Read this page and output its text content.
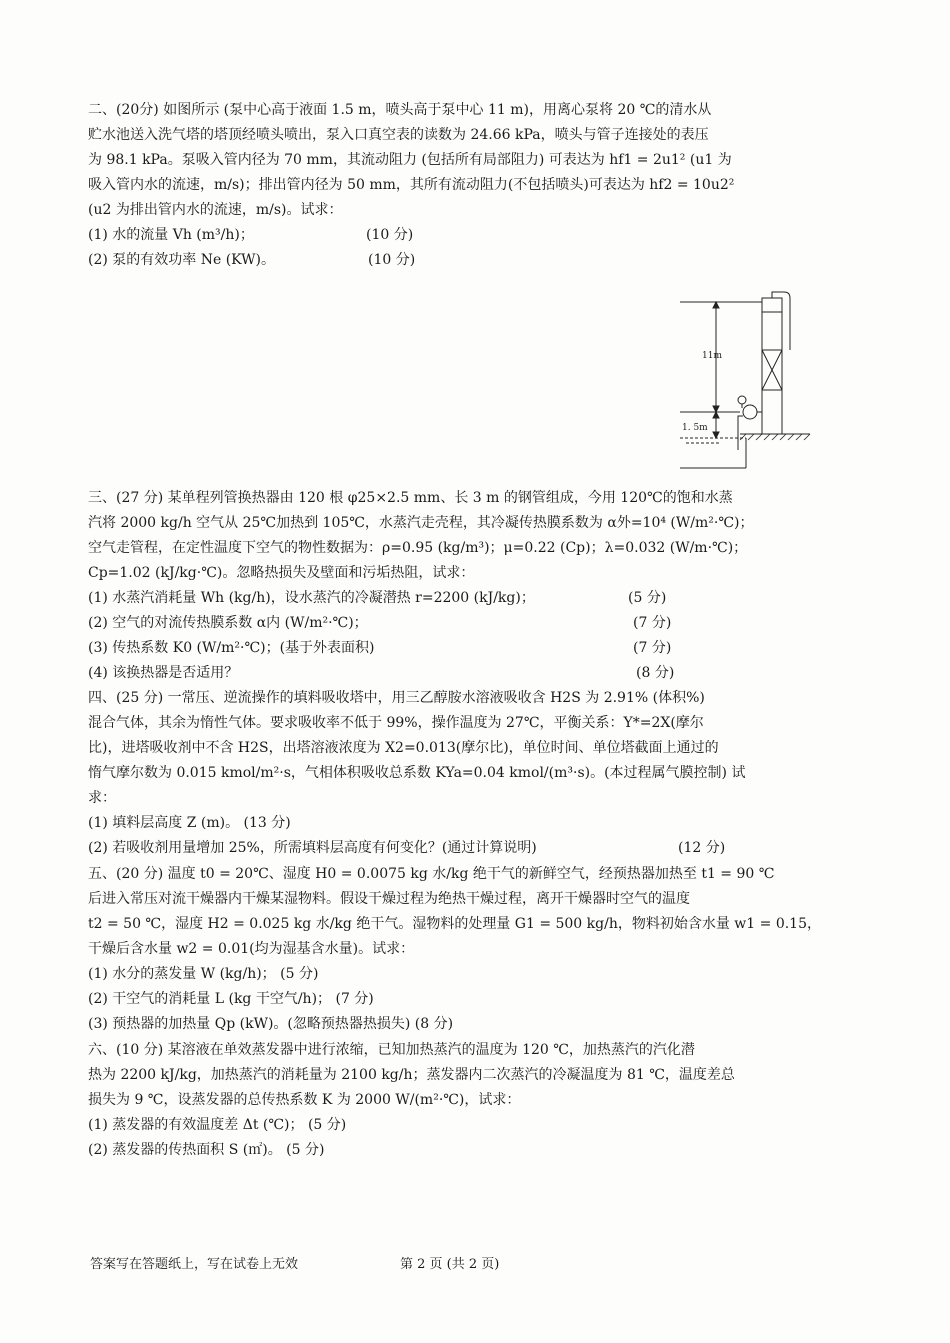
二、(20分) 如图所示 (泵中心高于液面 1.5 m，喷头高于泵中心 11 m)，用离心泵将 20 ℃的清水从
贮水池送入洗气塔的塔顶经喷头喷出，泵入口真空表的读数为 24.66 kPa，喷头与管子连接处的表压
为 98.1 kPa。泵吸入管内径为 70 mm，其流动阻力 (包括所有局部阻力) 可表达为 hf1 = 2u1² (u1 为
吸入管内水的流速，m/s)；排出管内径为 50 mm，其所有流动阻力(不包括喷头)可表达为 hf2 = 10u2²
(u2 为排出管内水的流速，m/s)。试求：
(1) 水的流量 Vh (m³/h)；	(10 分)
(2) 泵的有效功率 Ne (KW)。	(10 分)
11m
1. 5m
三、(27 分) 某单程列管换热器由 120 根 φ25×2.5 mm、长 3 m 的钢管组成，今用 120℃的饱和水蒸
汽将 2000 kg/h 空气从 25℃加热到 105℃，水蒸汽走壳程，其冷凝传热膜系数为 α外=10⁴ (W/m²·℃)；
空气走管程，在定性温度下空气的物性数据为：ρ=0.95 (kg/m³)；μ=0.22 (Cp)；λ=0.032 (W/m·℃)；
Cp=1.02 (kJ/kg·℃)。忽略热损失及壁面和污垢热阻，试求：
(1) 水蒸汽消耗量 Wh (kg/h)，设水蒸汽的冷凝潜热 r=2200 (kJ/kg)；	(5 分)
(2) 空气的对流传热膜系数 α内 (W/m²·℃)；	(7 分)
(3) 传热系数 K0 (W/m²·℃)；(基于外表面积)	(7 分)
(4) 该换热器是否适用？	(8 分)
四、(25 分) 一常压、逆流操作的填料吸收塔中，用三乙醇胺水溶液吸收含 H2S 为 2.91% (体积%)
混合气体，其余为惰性气体。要求吸收率不低于 99%，操作温度为 27℃，平衡关系：Y*=2X(摩尔
比)，进塔吸收剂中不含 H2S，出塔溶液浓度为 X2=0.013(摩尔比)，单位时间、单位塔截面上通过的
惰气摩尔数为 0.015 kmol/m²·s，气相体积吸收总系数 KYa=0.04 kmol/(m³·s)。(本过程属气膜控制) 试
求：
(1) 填料层高度 Z (m)。 (13 分)
(2) 若吸收剂用量增加 25%，所需填料层高度有何变化？(通过计算说明)	(12 分)
五、(20 分) 温度 t0 = 20℃、湿度 H0 = 0.0075 kg 水/kg 绝干气的新鲜空气，经预热器加热至 t1 = 90 ℃
后进入常压对流干燥器内干燥某湿物料。假设干燥过程为绝热干燥过程，离开干燥器时空气的温度
t2 = 50 ℃，湿度 H2 = 0.025 kg 水/kg 绝干气。湿物料的处理量 G1 = 500 kg/h，物料初始含水量 w1 = 0.15，
干燥后含水量 w2 = 0.01(均为湿基含水量)。试求：
(1) 水分的蒸发量 W (kg/h)； (5 分)
(2) 干空气的消耗量 L (kg 干空气/h)； (7 分)
(3) 预热器的加热量 Qp (kW)。(忽略预热器热损失) (8 分)
六、(10 分) 某溶液在单效蒸发器中进行浓缩，已知加热蒸汽的温度为 120 ℃，加热蒸汽的汽化潜
热为 2200 kJ/kg，加热蒸汽的消耗量为 2100 kg/h；蒸发器内二次蒸汽的冷凝温度为 81 ℃，温度差总
损失为 9 ℃，设蒸发器的总传热系数 K 为 2000 W/(m²·℃)，试求：
(1) 蒸发器的有效温度差 Δt (℃)； (5 分)
(2) 蒸发器的传热面积 S (㎡)。 (5 分)
答案写在答题纸上，写在试卷上无效	第 2 页 (共 2 页)
